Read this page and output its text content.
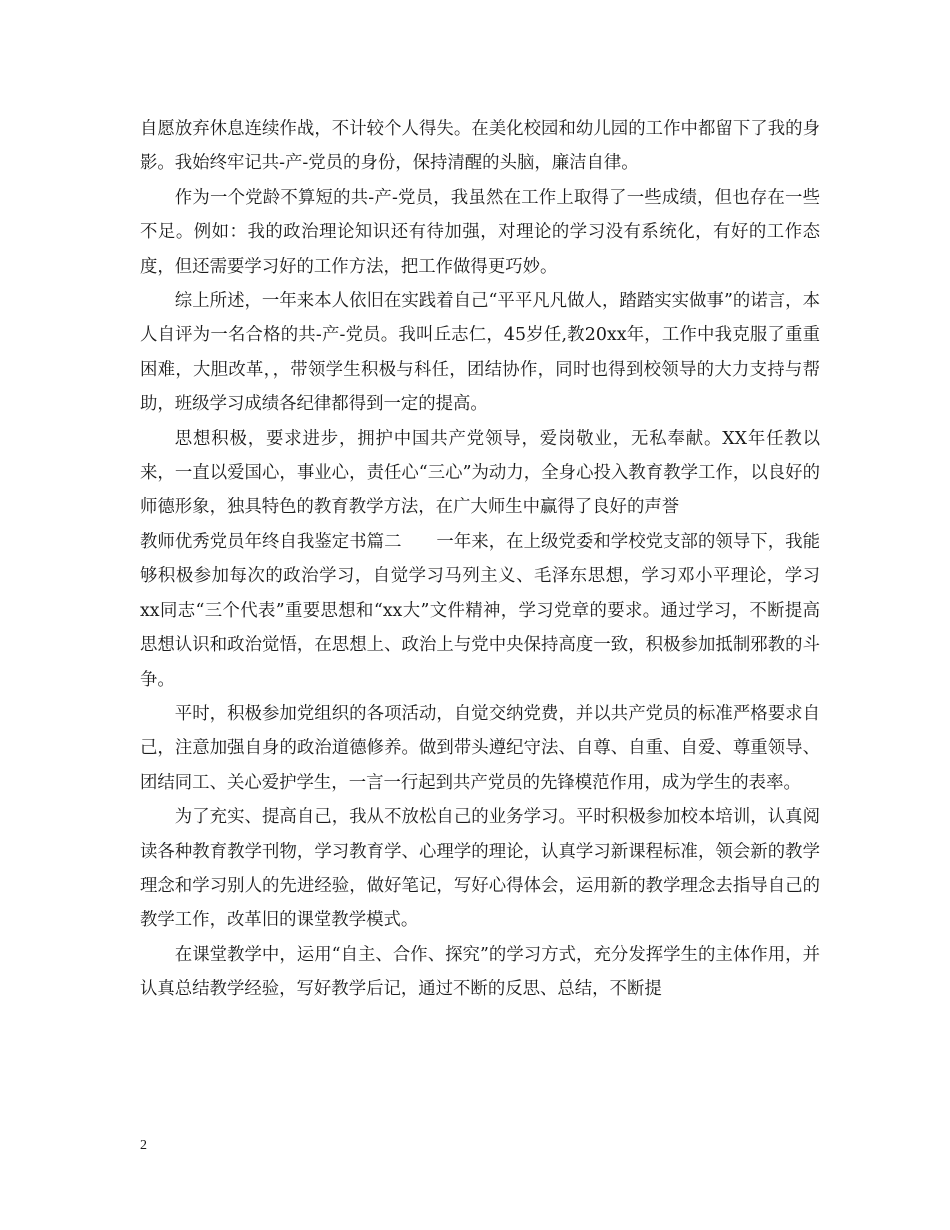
自愿放弃休息连续作战，不计较个人得失。在美化校园和幼儿园的工作中都留下了我的身影。我始终牢记共-产-党员的身份，保持清醒的头脑，廉洁自律。

作为一个党龄不算短的共-产-党员，我虽然在工作上取得了一些成绩，但也存在一些不足。例如：我的政治理论知识还有待加强，对理论的学习没有系统化，有好的工作态度，但还需要学习好的工作方法，把工作做得更巧妙。

综上所述，一年来本人依旧在实践着自己“平平凡凡做人，踏踏实实做事”的诺言，本人自评为一名合格的共-产-党员。我叫丘志仁，45岁任,教20xx年，工作中我克服了重重困难，大胆改革，，带领学生积极与科任，团结协作，同时也得到校领导的大力支持与帮助，班级学习成绩各纪律都得到一定的提高。

思想积极，要求进步，拥护中国共产党领导，爱岗敬业，无私奉献。XX年任教以来，一直以爱国心，事业心，责任心“三心”为动力，全身心投入教育教学工作，以良好的师德形象，独具特色的教育教学方法，在广大师生中赢得了良好的声誉

教师优秀党员年终自我鉴定书篇二　　 一年来，在上级党委和学校党支部的领导下，我能够积极参加每次的政治学习，自觉学习马列主义、毛泽东思想，学习邓小平理论，学习xx同志“三个代表”重要思想和“xx大”文件精神，学习党章的要求。通过学习，不断提高思想认识和政治觉悟，在思想上、政治上与党中央保持高度一致，积极参加抵制邪教的斗争。

平时，积极参加党组织的各项活动，自觉交纳党费，并以共产党员的标准严格要求自己，注意加强自身的政治道德修养。做到带头遵纪守法、自尊、自重、自爱、尊重领导、团结同工、关心爱护学生，一言一行起到共产党员的先锋模范作用，成为学生的表率。

为了充实、提高自己，我从不放松自己的业务学习。平时积极参加校本培训，认真阅读各种教育教学刊物，学习教育学、心理学的理论，认真学习新课程标准，领会新的教学理念和学习别人的先进经验，做好笔记，写好心得体会，运用新的教学理念去指导自己的教学工作，改革旧的课堂教学模式。

在课堂教学中，运用“自主、合作、探究”的学习方式，充分发挥学生的主体作用，并认真总结教学经验，写好教学后记，通过不断的反思、总结，不断提

2
